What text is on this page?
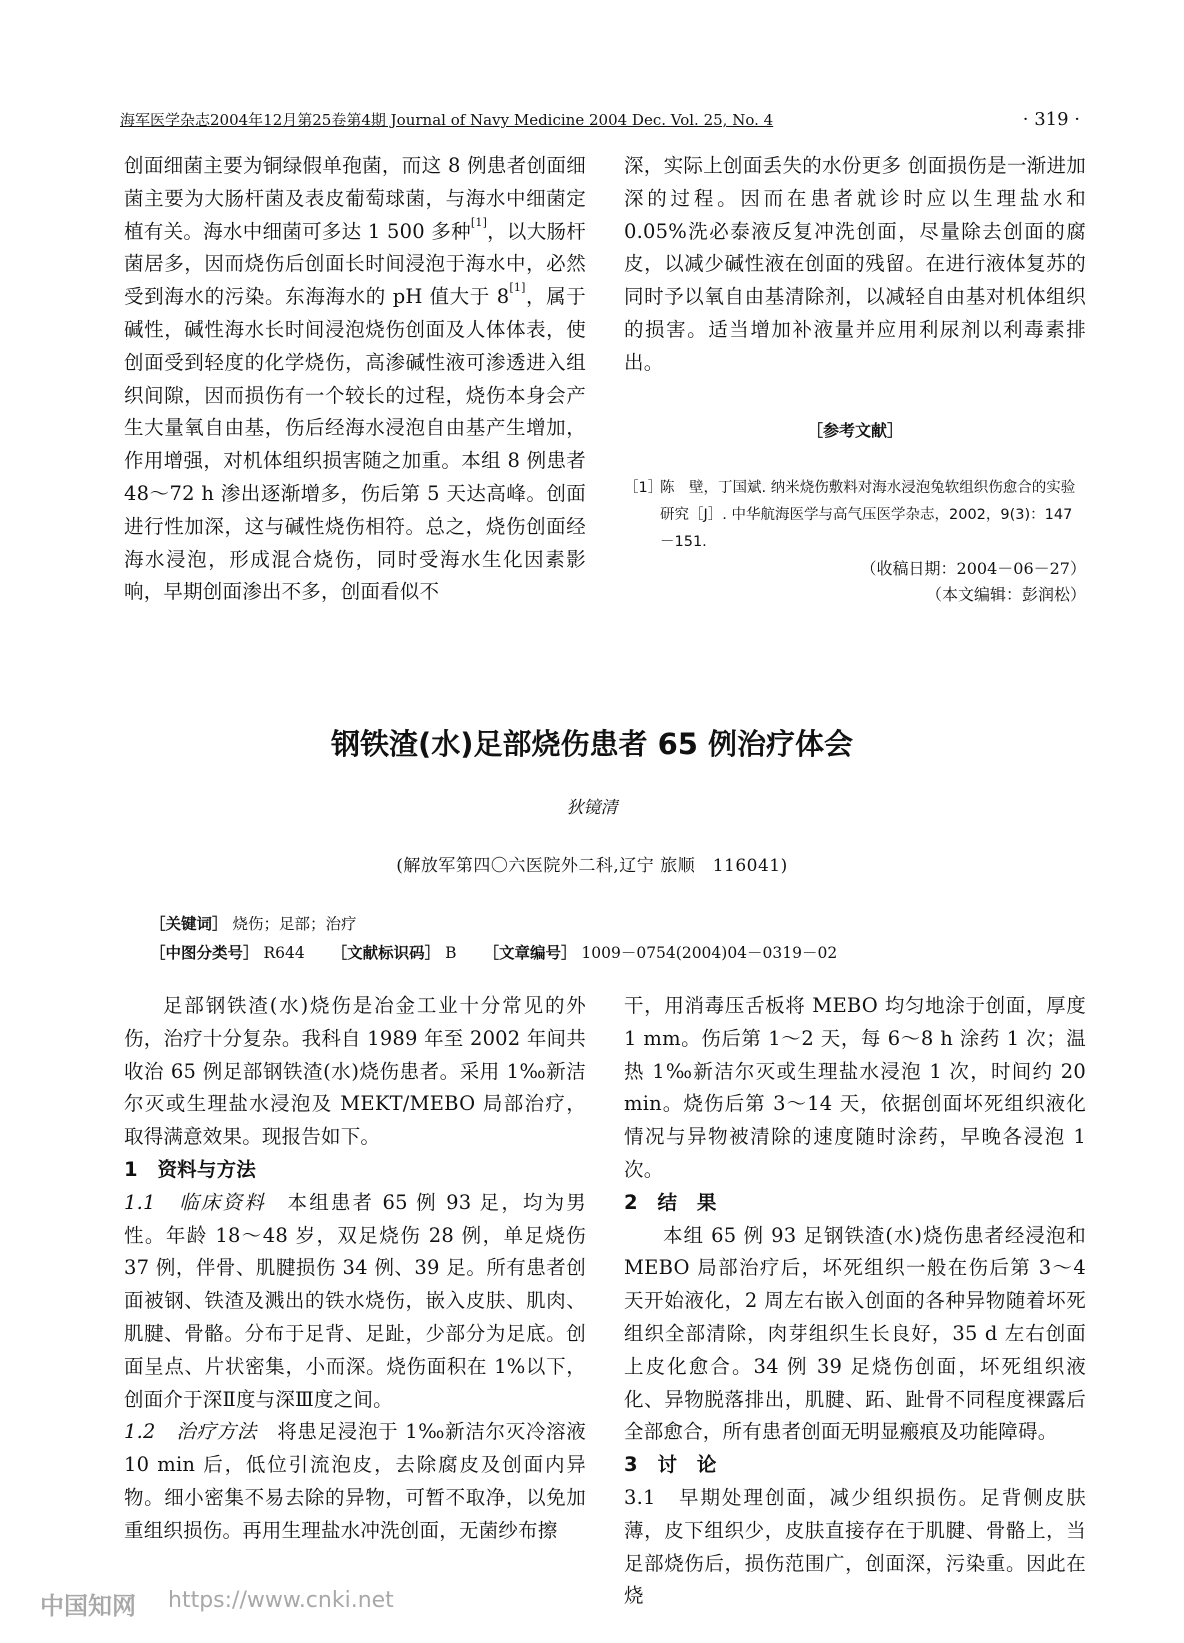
海军医学杂志2004年12月第25卷第4期 Journal of Navy Medicine 2004 Dec. Vol. 25, No. 4	· 319 ·

创面细菌主要为铜绿假单孢菌，而这 8 例患者创面细菌主要为大肠杆菌及表皮葡萄球菌，与海水中细菌定植有关。海水中细菌可多达 1 500 多种[1]，以大肠杆菌居多，因而烧伤后创面长时间浸泡于海水中，必然受到海水的污染。东海海水的 pH 值大于 8[1]，属于碱性，碱性海水长时间浸泡烧伤创面及人体体表，使创面受到轻度的化学烧伤，高渗碱性液可渗透进入组织间隙，因而损伤有一个较长的过程，烧伤本身会产生大量氧自由基，伤后经海水浸泡自由基产生增加，作用增强，对机体组织损害随之加重。本组 8 例患者 48～72 h 渗出逐渐增多，伤后第 5 天达高峰。创面进行性加深，这与碱性烧伤相符。总之，烧伤创面经海水浸泡，形成混合烧伤，同时受海水生化因素影响，早期创面渗出不多，创面看似不

深，实际上创面丢失的水份更多 创面损伤是一渐进加深的过程。因而在患者就诊时应以生理盐水和 0.05%洗必泰液反复冲洗创面，尽量除去创面的腐皮，以减少碱性液在创面的残留。在进行液体复苏的同时予以氧自由基清除剂，以减轻自由基对机体组织的损害。适当增加补液量并应用利尿剂以利毒素排出。

［参考文献］
［1］
陈　壁，丁国斌. 纳米烧伤敷料对海水浸泡兔软组织伤愈合的实验研究［J］. 中华航海医学与高气压医学杂志，2002，9(3)：147－151.
（收稿日期：2004－06－27）
（本文编辑：彭润松）
钢铁渣(水)足部烧伤患者 65 例治疗体会
狄镜清
(解放军第四〇六医院外二科,辽宁 旅顺　116041)
［关键词］ 烧伤；足部；治疗
［中图分类号］ R644 ［文献标识码］ B ［文章编号］ 1009－0754(2004)04－0319－02

足部钢铁渣(水)烧伤是冶金工业十分常见的外伤，治疗十分复杂。我科自 1989 年至 2002 年间共收治 65 例足部钢铁渣(水)烧伤患者。采用 1‰新洁尔灭或生理盐水浸泡及 MEKT/MEBO 局部治疗，取得满意效果。现报告如下。

1　资料与方法

1.1　临床资料　 本组患者 65 例 93 足，均为男性。年龄 18～48 岁，双足烧伤 28 例，单足烧伤 37 例，伴骨、肌腱损伤 34 例、39 足。所有患者创面被钢、铁渣及溅出的铁水烧伤，嵌入皮肤、肌肉、肌腱、骨骼。分布于足背、足趾，少部分为足底。创面呈点、片状密集，小而深。烧伤面积在 1%以下，创面介于深Ⅱ度与深Ⅲ度之间。

1.2　治疗方法　 将患足浸泡于 1‰新洁尔灭冷溶液 10 min 后，低位引流泡皮，去除腐皮及创面内异物。细小密集不易去除的异物，可暂不取净，以免加重组织损伤。再用生理盐水冲洗创面，无菌纱布擦

干，用消毒压舌板将 MEBO 均匀地涂于创面，厚度 1 mm。伤后第 1～2 天，每 6～8 h 涂药 1 次；温热 1‰新洁尔灭或生理盐水浸泡 1 次，时间约 20 min。烧伤后第 3～14 天，依据创面坏死组织液化情况与异物被清除的速度随时涂药，早晚各浸泡 1 次。

2　结　果

本组 65 例 93 足钢铁渣(水)烧伤患者经浸泡和 MEBO 局部治疗后，坏死组织一般在伤后第 3～4 天开始液化，2 周左右嵌入创面的各种异物随着坏死组织全部清除，肉芽组织生长良好，35 d 左右创面上皮化愈合。34 例 39 足烧伤创面，坏死组织液化、异物脱落排出，肌腱、跖、趾骨不同程度裸露后全部愈合，所有患者创面无明显瘢痕及功能障碍。

3　讨　论

3.1　早期处理创面，减少组织损伤。足背侧皮肤薄，皮下组织少，皮肤直接存在于肌腱、骨骼上，当足部烧伤后，损伤范围广，创面深，污染重。因此在烧

中国知网 https://www.cnki.net
